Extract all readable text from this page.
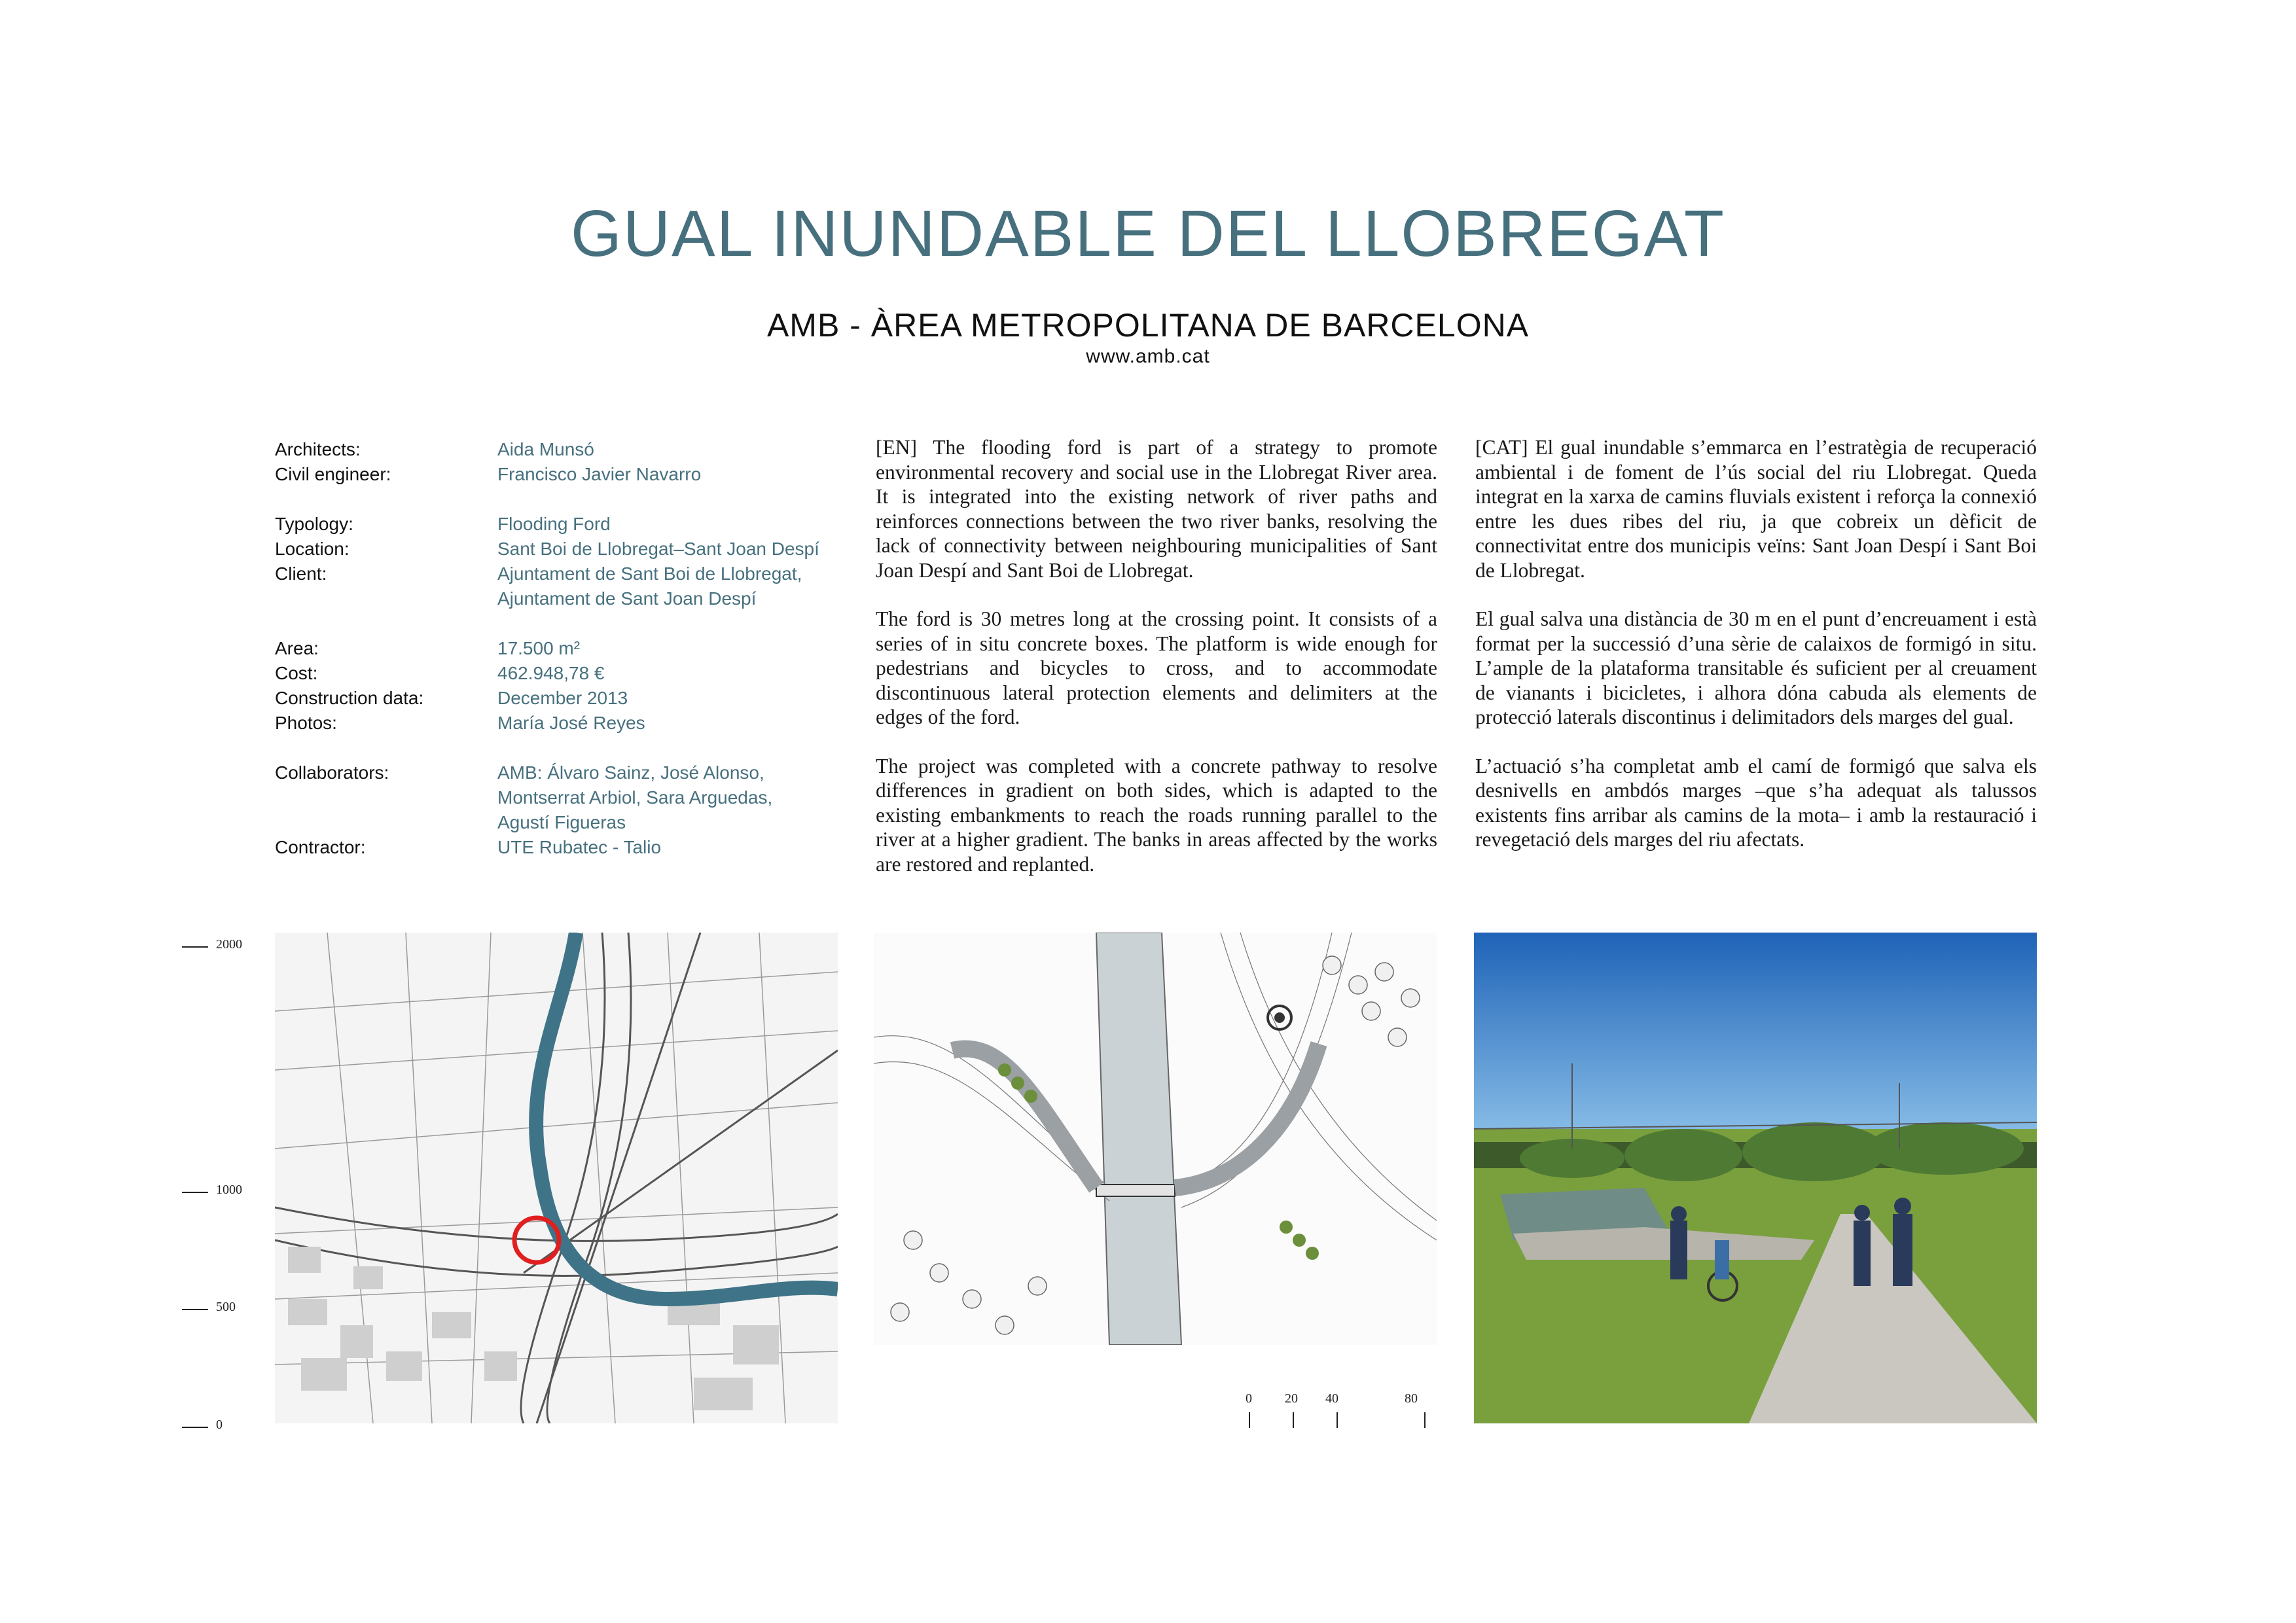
GUAL INUNDABLE DEL LLOBREGAT
AMB - ÀREA METROPOLITANA DE BARCELONA
www.amb.cat
Architects:	Aida Munsó
Civil engineer:	Francisco Javier Navarro
Typology:	Flooding Ford
Location:	Sant Boi de Llobregat–Sant Joan Despí
Client:	Ajuntament de Sant Boi de Llobregat,
Ajuntament de Sant Joan Despí
Area:	17.500 m²
Cost:	462.948,78 €
Construction data:	December 2013
Photos:	María José Reyes
Collaborators:	AMB: Álvaro Sainz, José Alonso,
Montserrat Arbiol, Sara Arguedas,
Agustí Figueras
Contractor:	UTE Rubatec - Talio

[EN] The flooding ford is part of a strategy to promote environmental recovery and social use in the Llobregat River area. It is integrated into the existing network of river paths and reinforces connections between the two river banks, resolving the lack of connectivity between neighbouring municipalities of Sant Joan Despí and Sant Boi de Llobregat.

The ford is 30 metres long at the crossing point. It consists of a series of in situ concrete boxes. The platform is wide enough for pedestrians and bicycles to cross, and to accommodate discontinuous lateral protection elements and delimiters at the edges of the ford.

The project was completed with a concrete pathway to resolve differences in gradient on both sides, which is adapted to the existing embankments to reach the roads running parallel to the river at a higher gradient. The banks in areas affected by the works are restored and replanted.

[CAT] El gual inundable s’emmarca en l’estratègia de recuperació ambiental i de foment de l’ús social del riu Llobregat. Queda integrat en la xarxa de camins fluvials existent i reforça la connexió entre les dues ribes del riu, ja que cobreix un dèficit de connectivitat entre dos municipis veïns: Sant Joan Despí i Sant Boi de Llobregat.

El gual salva una distància de 30 m en el punt d’encreuament i està format per la successió d’una sèrie de calaixos de formigó in situ. L’ample de la plataforma transitable és suficient per al creuament de vianants i bicicletes, i alhora dóna cabuda als elements de protecció laterals discontinus i delimitadors dels marges del gual.

L’actuació s’ha completat amb el camí de formigó que salva els desnivells en ambdós marges –que s’ha adequat als talussos existents fins arribar als camins de la mota– i amb la restauració i revegetació dels marges del riu afectats.

2000
1000
500
0
0	20 40	80
